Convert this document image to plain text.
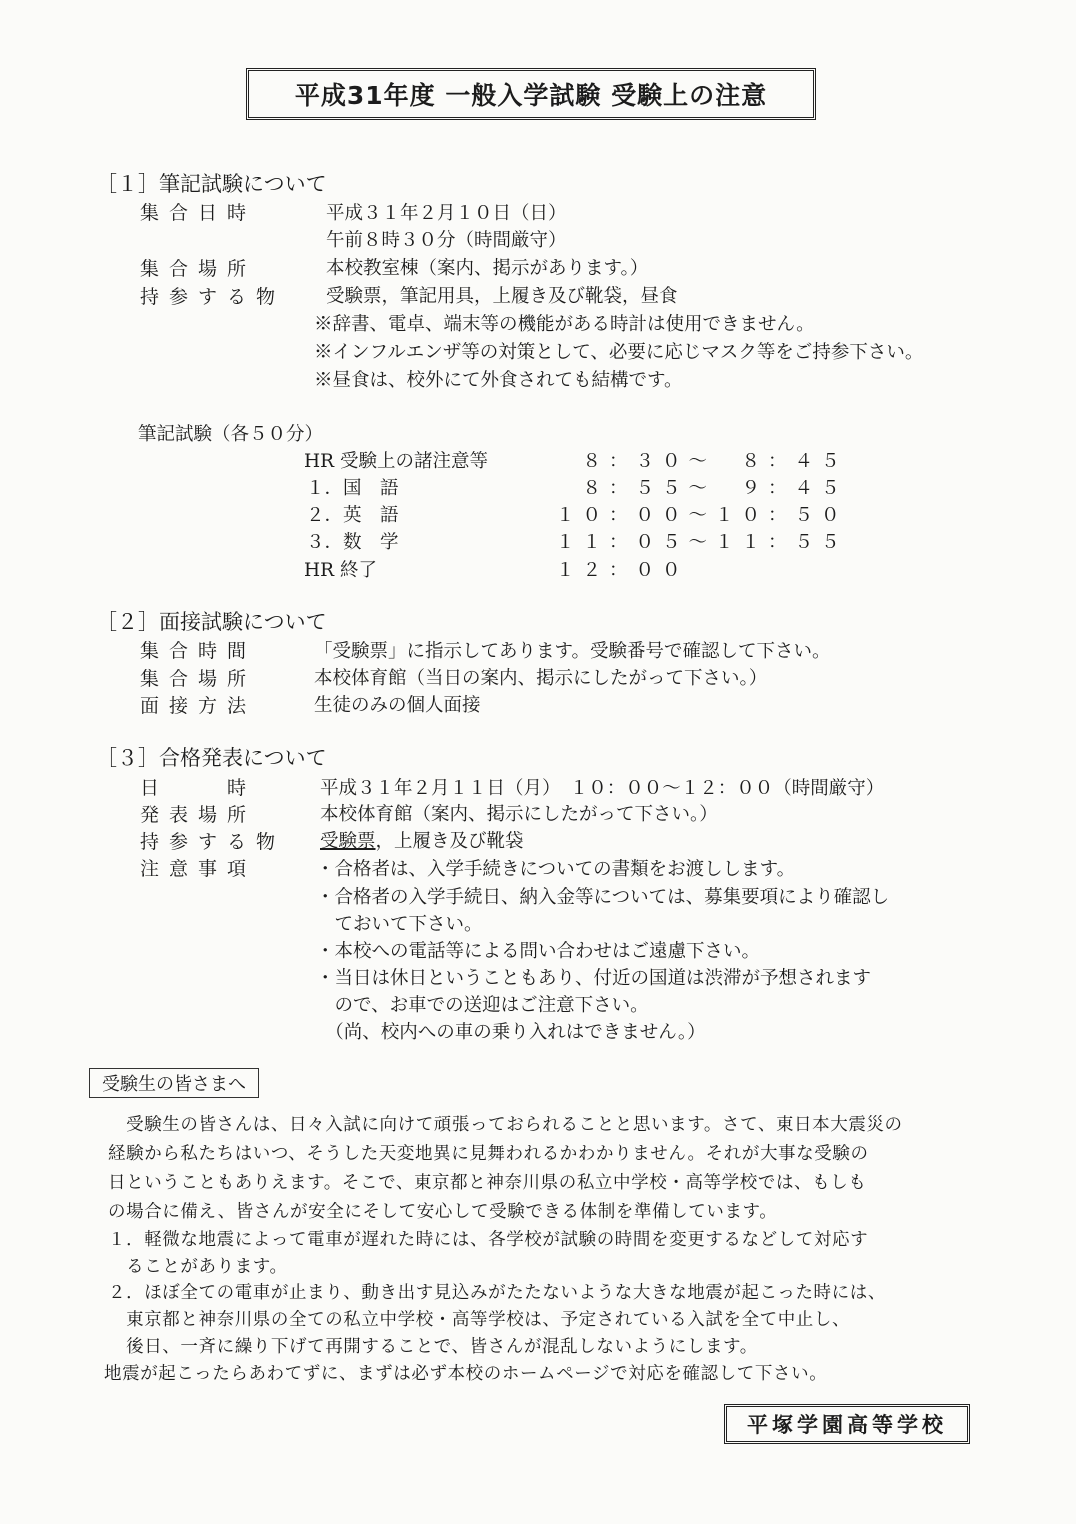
平成31年度 一般入学試験 受験上の注意
［１］筆記試験について
集合日時	平成３１年２月１０日（日）
午前８時３０分（時間厳守）
集合場所	本校教室棟（案内、掲示があります。）
持参する物 受験票，筆記用具，上履き及び靴袋，昼食
※辞書、電卓、端末等の機能がある時計は使用できません。
※インフルエンザ等の対策として、必要に応じマスク等をご持参下さい。
※昼食は、校外にて外食されても結構です。
筆記試験（各５０分）
HR 受験上の諸注意等	　８：３０〜　８：４５
１．国　語	　８：５５〜　９：４５
２．英　語	１０：００〜１０：５０
３．数　学	１１：０５〜１１：５５
HR 終了	１２：００
［２］面接試験について
集合時間	「受験票」に指示してあります。受験番号で確認して下さい。
集合場所	本校体育館（当日の案内、掲示にしたがって下さい。）
面接方法	生徒のみの個人面接
［３］合格発表について
日　　時	平成３１年２月１１日（月）　１０：００〜１２：００（時間厳守）
発表場所	本校体育館（案内、掲示にしたがって下さい。）
持参する物 受験票，上履き及び靴袋
注意事項	・合格者は、入学手続きについての書類をお渡しします。
・合格者の入学手続日、納入金等については、募集要項により確認し
　ておいて下さい。
・本校への電話等による問い合わせはご遠慮下さい。
・当日は休日ということもあり、付近の国道は渋滞が予想されます
　ので、お車での送迎はご注意下さい。
　（尚、校内への車の乗り入れはできません。）
受験生の皆さまへ
　受験生の皆さんは、日々入試に向けて頑張っておられることと思います。さて、東日本大震災の
経験から私たちはいつ、そうした天変地異に見舞われるかわかりません。それが大事な受験の
日ということもありえます。そこで、東京都と神奈川県の私立中学校・高等学校では、もしも
の場合に備え、皆さんが安全にそして安心して受験できる体制を準備しています。
１．軽微な地震によって電車が遅れた時には、各学校が試験の時間を変更するなどして対応す
　ることがあります。
２．ほぼ全ての電車が止まり、動き出す見込みがたたないような大きな地震が起こった時には、
　東京都と神奈川県の全ての私立中学校・高等学校は、予定されている入試を全て中止し、
　後日、一斉に繰り下げて再開することで、皆さんが混乱しないようにします。
地震が起こったらあわてずに、まずは必ず本校のホームページで対応を確認して下さい。
平塚学園高等学校
